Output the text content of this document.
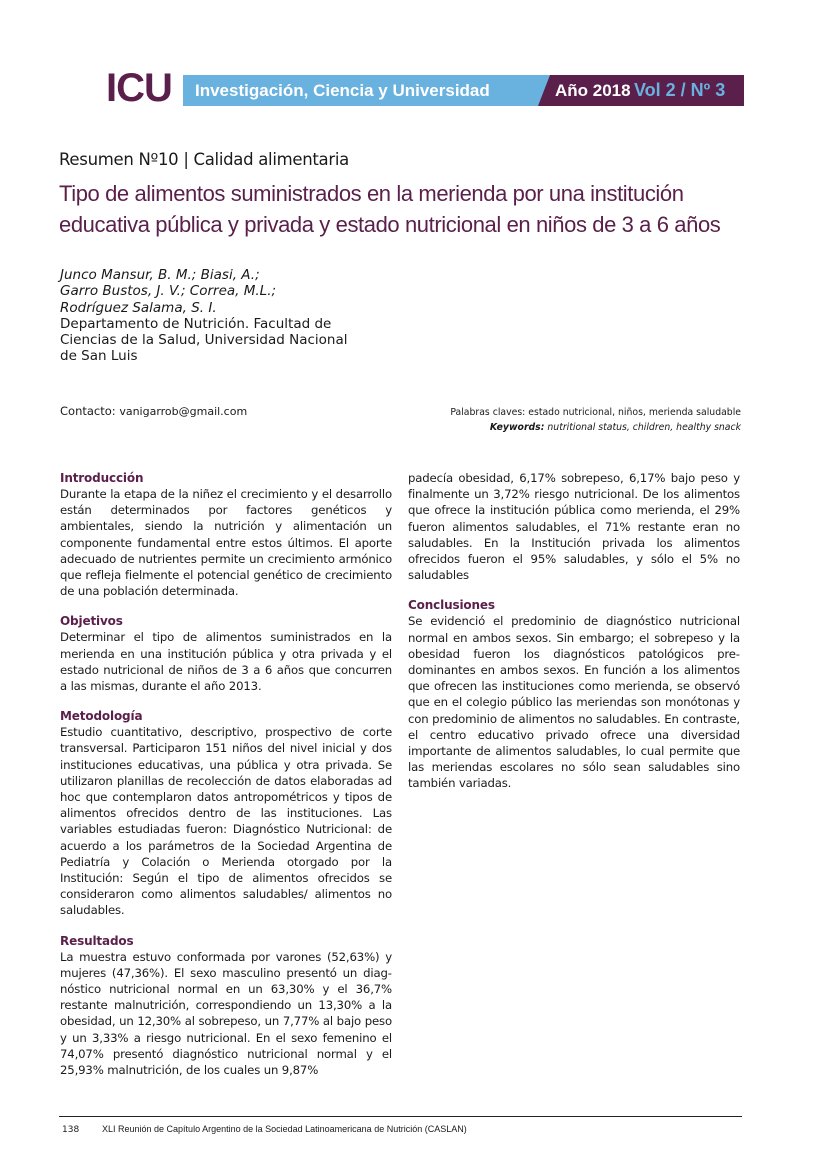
ICU Investigación, Ciencia y Universidad	Año 2018 Vol 2 / Nº 3
Resumen Nº10 | Calidad alimentaria
Tipo de alimentos suministrados en la merienda por una institución
educativa pública y privada y estado nutricional en niños de 3 a 6 años
Junco Mansur, B. M.; Biasi, A.;
Garro Bustos, J. V.; Correa, M.L.;
Rodríguez Salama, S. I.
Departamento de Nutrición. Facultad de
Ciencias de la Salud, Universidad Nacional
de San Luis
Contacto: vanigarrob@gmail.com	Palabras claves: estado nutricional, niños, merienda saludable
Keywords: nutritional status, children, healthy snack
Introducción

Durante la etapa de la niñez el crecimiento y el desarrollo están determinados por factores genéticos y ambientales, siendo la nutrición y alimentación un componente fundamental entre estos últimos. El aporte adecuado de nutrientes permite un crecimiento armónico que refleja fielmente el potencial genético de crecimiento de una población determinada.

Objetivos

Determinar el tipo de alimentos suministrados en la merienda en una institución pública y otra privada y el estado nutricional de niños de 3 a 6 años que concurren a las mismas, durante el año 2013.

Metodología

Estudio cuantitativo, descriptivo, prospectivo de corte transversal. Participaron 151 niños del nivel inicial y dos instituciones educativas, una pública y otra privada. Se utilizaron planillas de recolección de datos elaboradas ad hoc que contemplaron datos antropométricos y tipos de alimentos ofrecidos dentro de las instituciones. Las variables estudiadas fueron: Diagnóstico Nutricional: de acuerdo a los parámetros de la Sociedad Argentina de Pediatría y Colación o Merienda otorgado por la Institución: Según el tipo de alimentos ofrecidos se consideraron como alimentos saludables/ alimentos no saludables.

Resultados

La muestra estuvo conformada por varones (52,63%) y mujeres (47,36%). El sexo masculino presentó un diagnóstico nutricional normal en un 63,30% y el 36,7% restante malnutrición, correspondiendo un 13,30% a la obesidad, un 12,30% al sobrepeso, un 7,77% al bajo peso y un 3,33% a riesgo nutricional. En el sexo femenino el 74,07% presentó diagnóstico nutricional normal y el 25,93% malnutrición, de los cuales un 9,87%

padecía obesidad, 6,17% sobrepeso, 6,17% bajo peso y finalmente un 3,72% riesgo nutricional. De los alimentos que ofrece la institución pública como merienda, el 29% fueron alimentos saludables, el 71% restante eran no saludables. En la Institución privada los alimentos ofrecidos fueron el 95% saludables, y sólo el 5% no saludables

Conclusiones

Se evidenció el predominio de diagnóstico nutricional normal en ambos sexos. Sin embargo; el sobrepeso y la obesidad fueron los diagnósticos patológicos predominantes en ambos sexos. En función a los alimentos que ofrecen las instituciones como merienda, se observó que en el colegio público las meriendas son monótonas y con predominio de alimentos no saludables. En contraste, el centro educativo privado ofrece una diversidad importante de alimentos saludables, lo cual permite que las meriendas escolares no sólo sean saludables sino también variadas.

138	XLI Reunión de Capítulo Argentino de la Sociedad Latinoamericana de Nutrición (CASLAN)
